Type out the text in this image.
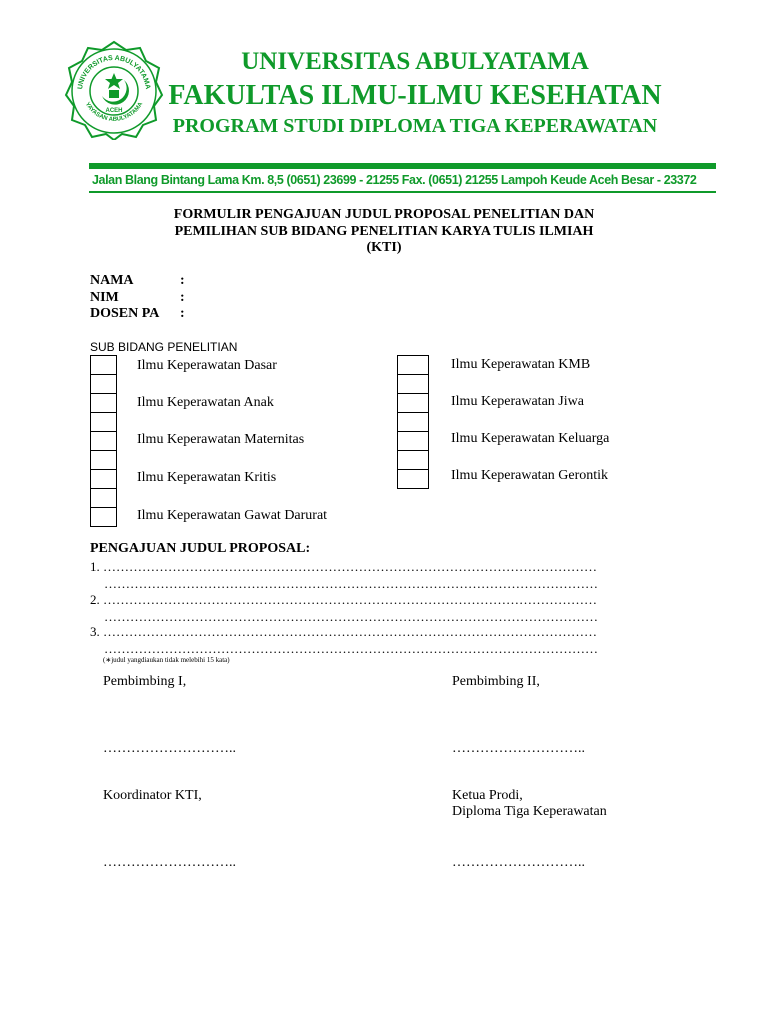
UNIVERSITAS ABULYATAMA
YAYASAN ABULYATAMA
ACEH
UNIVERSITAS ABULYATAMA
FAKULTAS ILMU-ILMU KESEHATAN
PROGRAM STUDI DIPLOMA TIGA KEPERAWATAN
Jalan Blang Bintang Lama Km. 8,5 (0651) 23699 - 21255 Fax. (0651) 21255 Lampoh Keude Aceh Besar - 23372
FORMULIR PENGAJUAN JUDUL PROPOSAL PENELITIAN DAN
PEMILIHAN SUB BIDANG PENELITIAN KARYA TULIS ILMIAH
(KTI)
NAMA	:
NIM	:
DOSEN PA :
SUB BIDANG PENELITIAN
Ilmu Keperawatan Dasar
Ilmu Keperawatan Anak
Ilmu Keperawatan Maternitas
Ilmu Keperawatan Kritis
Ilmu Keperawatan Gawat Darurat
Ilmu Keperawatan KMB
Ilmu Keperawatan Jiwa
Ilmu Keperawatan Keluarga
Ilmu Keperawatan Gerontik
PENGAJUAN JUDUL PROPOSAL:
1. ……………………………………………………………………………………………………
……………………………………………………………………………………………………
2. ……………………………………………………………………………………………………
……………………………………………………………………………………………………
3. ……………………………………………………………………………………………………
……………………………………………………………………………………………………
(∗judul yangdiaukan tidak melebihi 15 kata)
Pembimbing I,	Pembimbing II,
………………………..	………………………..
Koordinator KTI,	Ketua Prodi,
Diploma Tiga Keperawatan
………………………..	………………………..
